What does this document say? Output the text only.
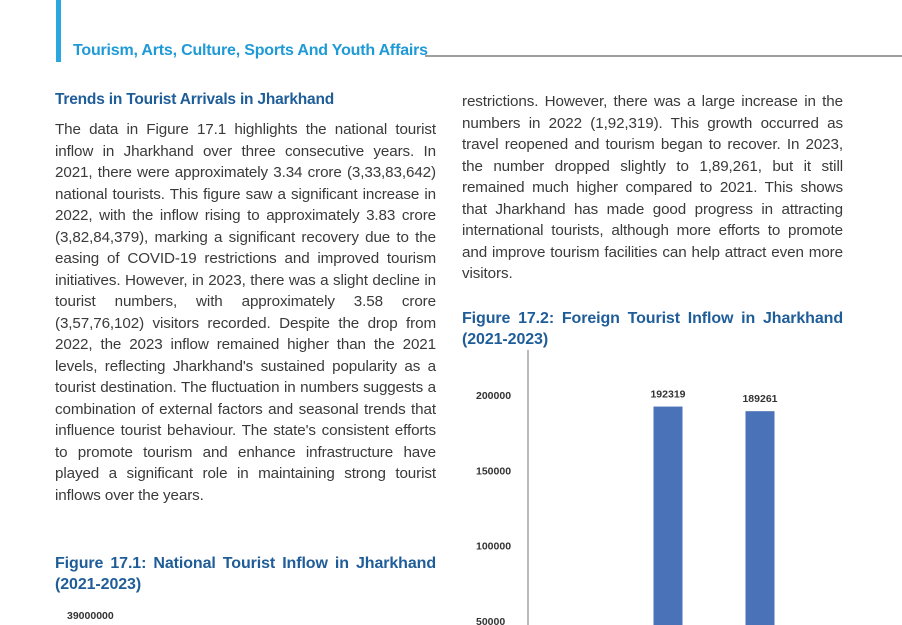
Tourism, Arts, Culture, Sports And Youth Affairs
Trends in Tourist Arrivals in Jharkhand

The data in Figure 17.1 highlights the national tourist inflow in Jharkhand over three consecutive years. In 2021, there were approximately 3.34 crore (3,33,83,642) national tourists. This figure saw a significant increase in 2022, with the inflow rising to approximately 3.83 crore (3,82,84,379), marking a significant recovery due to the easing of COVID-19 restrictions and improved tourism initiatives. However, in 2023, there was a slight decline in tourist numbers, with approximately 3.58 crore (3,57,76,102) visitors recorded. Despite the drop from 2022, the 2023 inflow remained higher than the 2021 levels, reflecting Jharkhand's sustained popularity as a tourist destination. The fluctuation in numbers suggests a combination of external factors and seasonal trends that influence tourist behaviour. The state's consistent efforts to promote tourism and enhance infrastructure have played a significant role in maintaining strong tourist inflows over the years.

Figure 17.1: National Tourist Inflow in Jharkhand (2021-2023)

39000000

restrictions. However, there was a large increase in the numbers in 2022 (1,92,319). This growth occurred as travel reopened and tourism began to recover. In 2023, the number dropped slightly to 1,89,261, but it still remained much higher compared to 2021. This shows that Jharkhand has made good progress in attracting international tourists, although more efforts to promote and improve tourism facilities can help attract even more visitors.

Figure 17.2: Foreign Tourist Inflow in Jharkhand (2021-2023)

200000
150000
100000
50000
192319	189261
